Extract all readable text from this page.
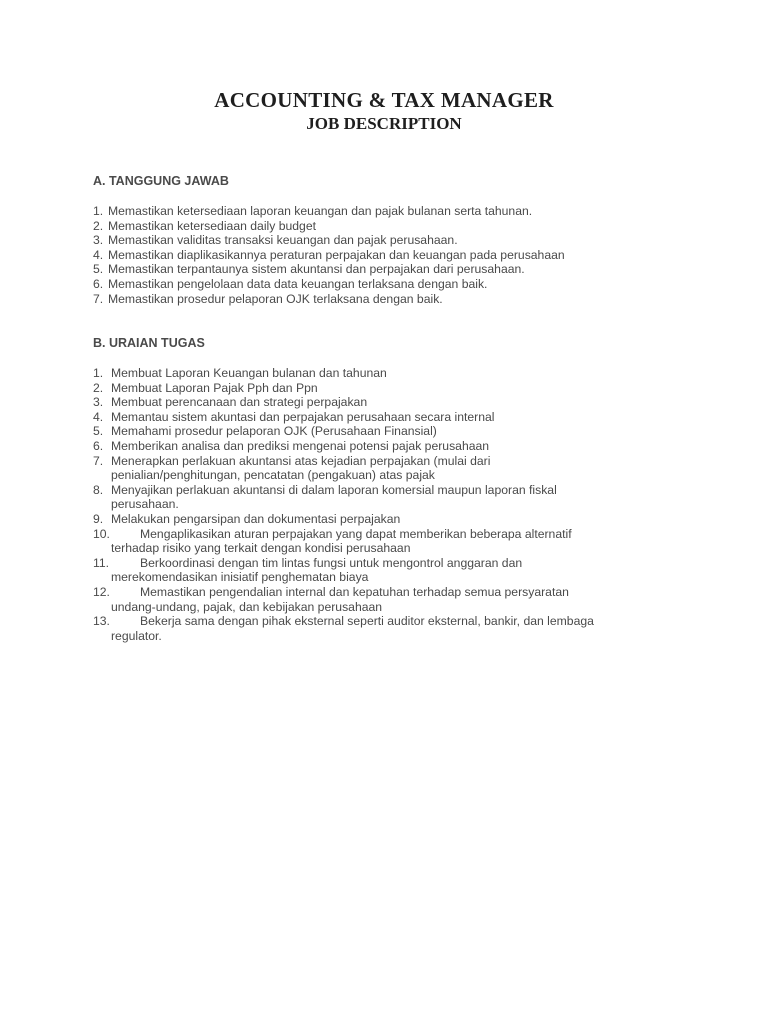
ACCOUNTING & TAX MANAGER
JOB DESCRIPTION
A. TANGGUNG JAWAB
1. Memastikan ketersediaan laporan keuangan dan pajak bulanan serta tahunan.
2. Memastikan ketersediaan daily budget
3. Memastikan validitas transaksi keuangan dan pajak perusahaan.
4. Memastikan diaplikasikannya peraturan perpajakan dan keuangan pada perusahaan
5. Memastikan terpantaunya sistem akuntansi dan perpajakan dari perusahaan.
6. Memastikan pengelolaan data data keuangan terlaksana dengan baik.
7. Memastikan prosedur pelaporan OJK terlaksana dengan baik.
B. URAIAN TUGAS
1. Membuat Laporan Keuangan bulanan dan tahunan
2. Membuat Laporan Pajak Pph dan Ppn
3. Membuat perencanaan dan strategi perpajakan
4. Memantau sistem akuntasi dan perpajakan perusahaan secara internal
5. Memahami prosedur pelaporan OJK (Perusahaan Finansial)
6. Memberikan analisa dan prediksi mengenai potensi pajak perusahaan
7. Menerapkan perlakuan akuntansi atas kejadian perpajakan (mulai dari
penialian/penghitungan, pencatatan (pengakuan) atas pajak
8. Menyajikan perlakuan akuntansi di dalam laporan komersial maupun laporan fiskal
perusahaan.
9. Melakukan pengarsipan dan dokumentasi perpajakan
10.	Mengaplikasikan aturan perpajakan yang dapat memberikan beberapa alternatif
terhadap risiko yang terkait dengan kondisi perusahaan
11.	Berkoordinasi dengan tim lintas fungsi untuk mengontrol anggaran dan
merekomendasikan inisiatif penghematan biaya
12.	Memastikan pengendalian internal dan kepatuhan terhadap semua persyaratan
undang-undang, pajak, dan kebijakan perusahaan
13.	Bekerja sama dengan pihak eksternal seperti auditor eksternal, bankir, dan lembaga
regulator.
